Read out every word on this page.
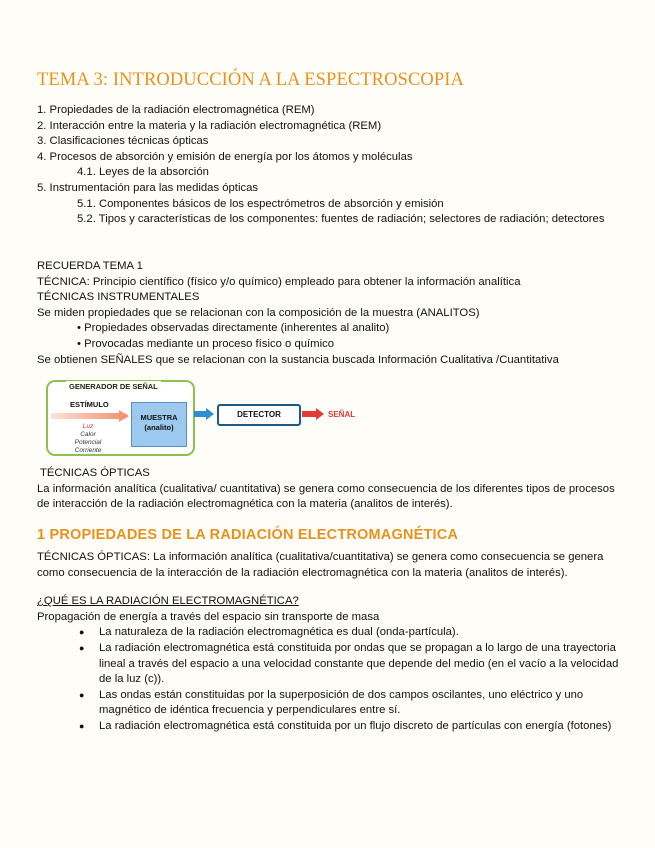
TEMA 3: INTRODUCCIÓN A LA ESPECTROSCOPIA
1. Propiedades de la radiación electromagnética (REM)
2. Interacción entre la materia y la radiación electromagnética (REM)
3. Clasificaciones técnicas ópticas
4. Procesos de absorción y emisión de energía por los átomos y moléculas
4.1. Leyes de la absorción
5. Instrumentación para las medidas ópticas
5.1. Componentes básicos de los espectrómetros de absorción y emisión
5.2. Tipos y características de los componentes: fuentes de radiación; selectores de radiación; detectores
RECUERDA TEMA 1
TÉCNICA: Principio científico (físico y/o químico) empleado para obtener la información analítica
TÉCNICAS INSTRUMENTALES
Se miden propiedades que se relacionan con la composición de la muestra (ANALITOS)
• Propiedades observadas directamente (inherentes al analito)
• Provocadas mediante un proceso físico o químico
Se obtienen SEÑALES que se relacionan con la sustancia buscada Información Cualitativa /Cuantitativa
GENERADOR DE SEÑAL
ESTÍMULO
Luz
Calor
Potencial
Corriente
MUESTRA
(analito)
DETECTOR	SEÑAL
TÉCNICAS ÓPTICAS
La información analítica (cualitativa/ cuantitativa) se genera como consecuencia de los diferentes tipos de procesos de interacción de la radiación electromagnética con la materia (analitos de interés).
1 PROPIEDADES DE LA RADIACIÓN ELECTROMAGNÉTICA
TÉCNICAS ÓPTICAS: La información analítica (cualitativa/cuantitativa) se genera como consecuencia se genera como consecuencia de la interacción de la radiación electromagnética con la materia (analitos de interés).
¿QUÉ ES LA RADIACIÓN ELECTROMAGNÉTICA?
Propagación de energía a través del espacio sin transporte de masa
● La naturaleza de la radiación electromagnética es dual (onda-partícula).
● La radiación electromagnética está constituida por ondas que se propagan a lo largo de una trayectoria lineal a través del espacio a una velocidad constante que depende del medio (en el vacío a la velocidad de la luz (c)).
● Las ondas están constituidas por la superposición de dos campos oscilantes, uno eléctrico y uno magnético de idéntica frecuencia y perpendiculares entre sí.
● La radiación electromagnética está constituida por un flujo discreto de partículas con energía (fotones)
